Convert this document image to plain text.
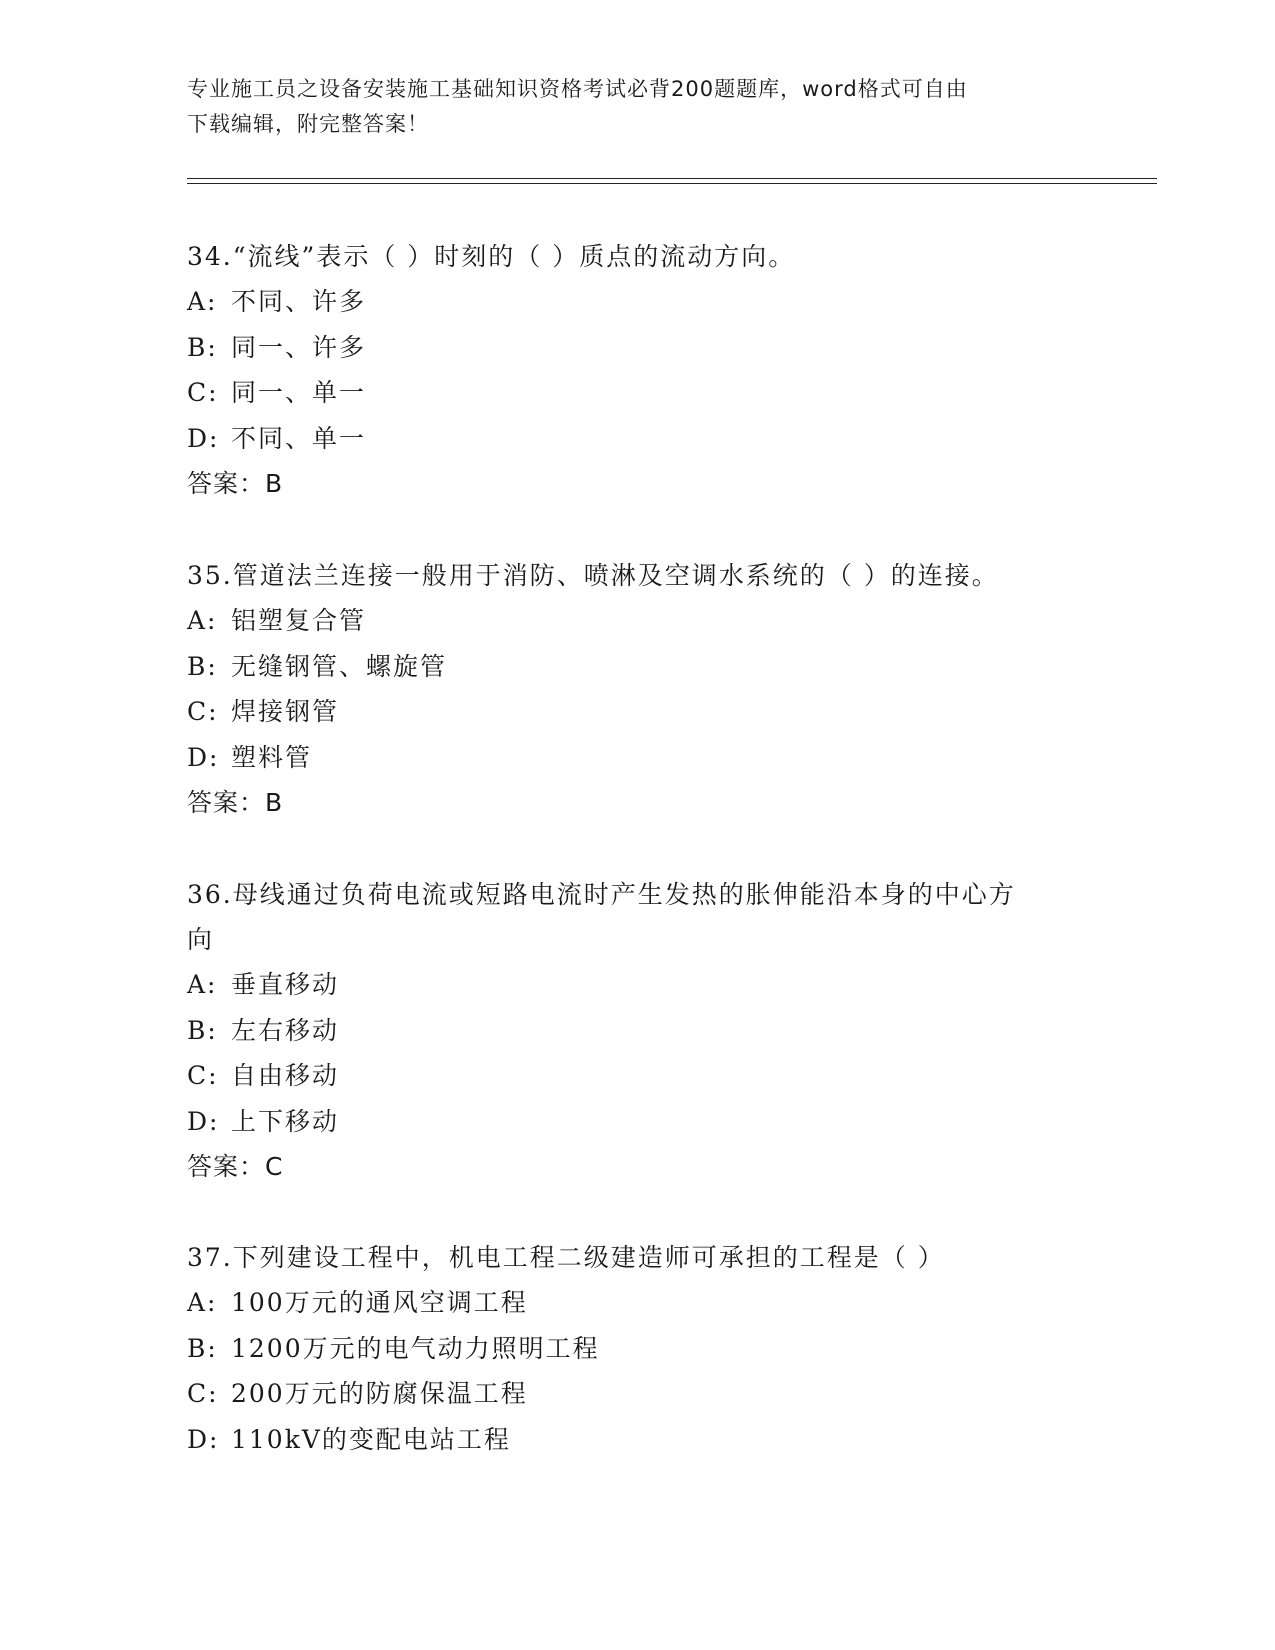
专业施工员之设备安装施工基础知识资格考试必背200题题库，word格式可自由
下载编辑，附完整答案！
34.“流线”表示（ ）时刻的（ ）质点的流动方向。
A: 不同、许多
B: 同一、许多
C: 同一、单一
D: 不同、单一
答案：B
35.管道法兰连接一般用于消防、喷淋及空调水系统的（ ）的连接。
A: 铝塑复合管
B: 无缝钢管、螺旋管
C: 焊接钢管
D: 塑料管
答案：B
36.母线通过负荷电流或短路电流时产生发热的胀伸能沿本身的中心方
向
A: 垂直移动
B: 左右移动
C: 自由移动
D: 上下移动
答案：C
37.下列建设工程中，机电工程二级建造师可承担的工程是（ ）
A: 100万元的通风空调工程
B: 1200万元的电气动力照明工程
C: 200万元的防腐保温工程
D: 110kV的变配电站工程
